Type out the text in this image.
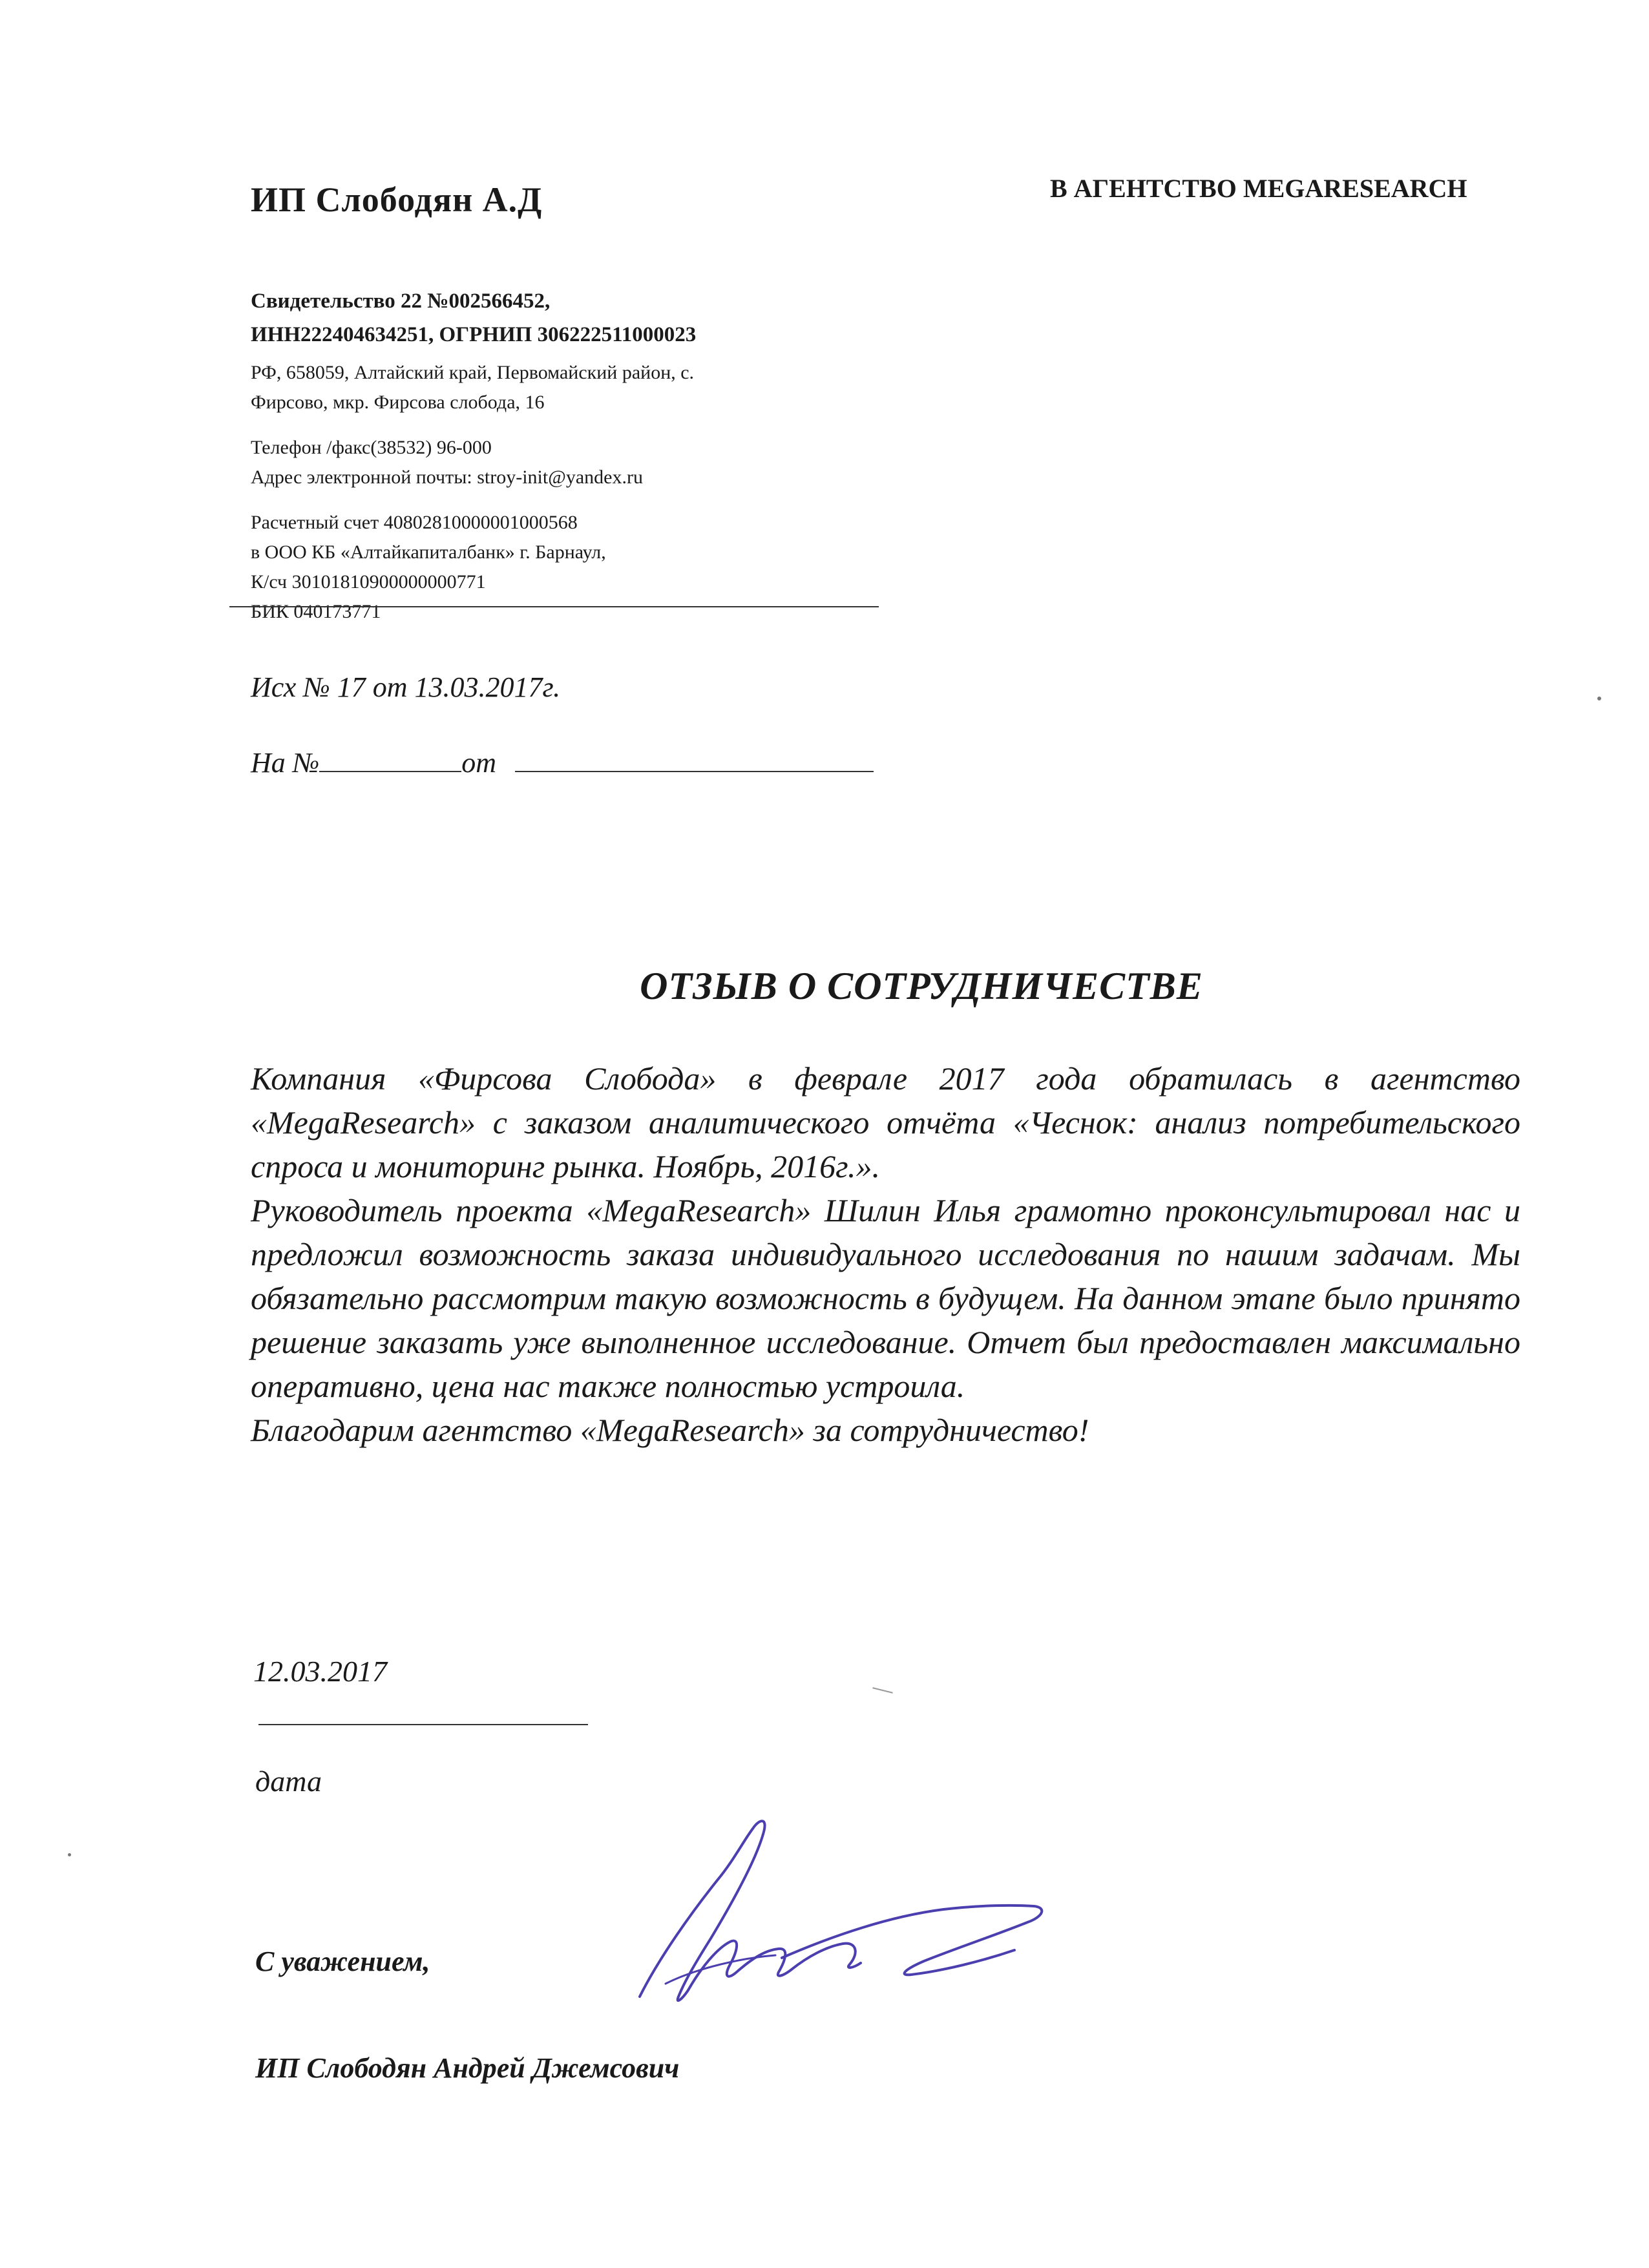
ИП Слободян А.Д	В АГЕНТСТВО MEGARESEARCH
Свидетельство 22 №002566452,
ИНН222404634251, ОГРНИП 306222511000023
РФ, 658059, Алтайский край, Первомайский район, с.
Фирсово, мкр. Фирсова слобода, 16
Телефон /факс(38532) 96-000
Адрес электронной почты: stroy-init@yandex.ru
Расчетный счет 40802810000001000568
в ООО КБ «Алтайкапиталбанк» г. Барнаул,
К/сч 30101810900000000771
БИК 040173771
Исх № 17 от 13.03.2017г.
На №	от
ОТЗЫВ О СОТРУДНИЧЕСТВЕ

Компания «Фирсова Слобода» в феврале 2017 года обратилась в агентство «MegaResearch» с заказом аналитического отчёта «Чеснок: анализ потребительского спроса и мониторинг рынка. Ноябрь, 2016г.».

Руководитель проекта «MegaResearch» Шилин Илья грамотно проконсультировал нас и предложил возможность заказа индивидуального исследования по нашим задачам. Мы обязательно рассмотрим такую возможность в будущем. На данном этапе было принято решение заказать уже выполненное исследование. Отчет был предоставлен максимально оперативно, цена нас также полностью устроила.

Благодарим агентство «MegaResearch» за сотрудничество!

12.03.2017
дата
С уважением,
ИП Слободян Андрей Джемсович
